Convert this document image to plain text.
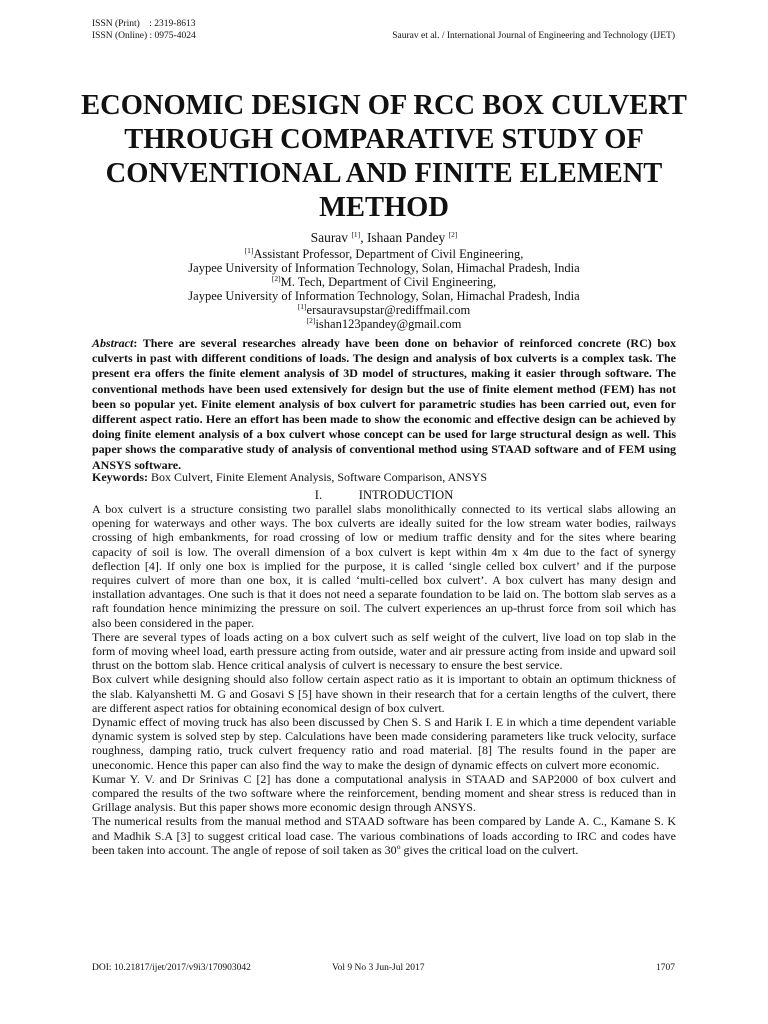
ISSN (Print)    : 2319-8613
ISSN (Online) : 0975-4024	Saurav et al. / International Journal of Engineering and Technology (IJET)
ECONOMIC DESIGN OF RCC BOX CULVERT THROUGH COMPARATIVE STUDY OF CONVENTIONAL AND FINITE ELEMENT METHOD
Saurav [1], Ishaan Pandey [2]
[1]Assistant Professor, Department of Civil Engineering,
Jaypee University of Information Technology, Solan, Himachal Pradesh, India
[2]M. Tech, Department of Civil Engineering,
Jaypee University of Information Technology, Solan, Himachal Pradesh, India
[1]ersauravsupstar@rediffmail.com
[2]ishan123pandey@gmail.com

Abstract: There are several researches already have been done on behavior of reinforced concrete (RC) box culverts in past with different conditions of loads. The design and analysis of box culverts is a complex task. The present era offers the finite element analysis of 3D model of structures, making it easier through software. The conventional methods have been used extensively for design but the use of finite element method (FEM) has not been so popular yet. Finite element analysis of box culvert for parametric studies has been carried out, even for different aspect ratio. Here an effort has been made to show the economic and effective design can be achieved by doing finite element analysis of a box culvert whose concept can be used for large structural design as well. This paper shows the comparative study of analysis of conventional method using STAAD software and of FEM using ANSYS software.

Keywords: Box Culvert, Finite Element Analysis, Software Comparison, ANSYS

I.	INTRODUCTION

A box culvert is a structure consisting two parallel slabs monolithically connected to its vertical slabs allowing an opening for waterways and other ways. The box culverts are ideally suited for the low stream water bodies, railways crossing of high embankments, for road crossing of low or medium traffic density and for the sites where bearing capacity of soil is low. The overall dimension of a box culvert is kept within 4m x 4m due to the fact of synergy deflection [4]. If only one box is implied for the purpose, it is called ‘single celled box culvert’ and if the purpose requires culvert of more than one box, it is called ‘multi-celled box culvert’. A box culvert has many design and installation advantages. One such is that it does not need a separate foundation to be laid on. The bottom slab serves as a raft foundation hence minimizing the pressure on soil. The culvert experiences an up-thrust force from soil which has also been considered in the paper.

There are several types of loads acting on a box culvert such as self weight of the culvert, live load on top slab in the form of moving wheel load, earth pressure acting from outside, water and air pressure acting from inside and upward soil thrust on the bottom slab. Hence critical analysis of culvert is necessary to ensure the best service.

Box culvert while designing should also follow certain aspect ratio as it is important to obtain an optimum thickness of the slab. Kalyanshetti M. G and Gosavi S [5] have shown in their research that for a certain lengths of the culvert, there are different aspect ratios for obtaining economical design of box culvert.

Dynamic effect of moving truck has also been discussed by Chen S. S and Harik I. E in which a time dependent variable dynamic system is solved step by step. Calculations have been made considering parameters like truck velocity, surface roughness, damping ratio, truck culvert frequency ratio and road material. [8] The results found in the paper are uneconomic. Hence this paper can also find the way to make the design of dynamic effects on culvert more economic.

Kumar Y. V. and Dr Srinivas C [2] has done a computational analysis in STAAD and SAP2000 of box culvert and compared the results of the two software where the reinforcement, bending moment and shear stress is reduced than in Grillage analysis. But this paper shows more economic design through ANSYS.

The numerical results from the manual method and STAAD software has been compared by Lande A. C., Kamane S. K and Madhik S.A [3] to suggest critical load case. The various combinations of loads according to IRC and codes have been taken into account. The angle of repose of soil taken as 30$^o$ gives the critical load on the culvert.

DOI: 10.21817/ijet/2017/v9i3/170903042	Vol 9 No 3 Jun-Jul 2017	1707
